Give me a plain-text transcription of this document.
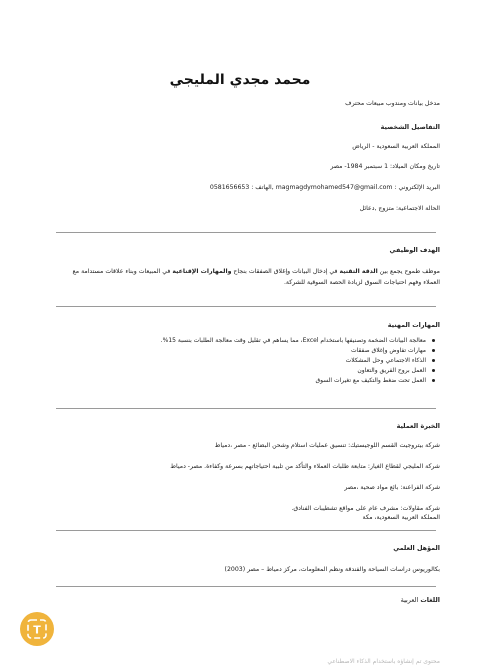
محمد مجدي المليجي
مدخل بيانات ومندوب مبيعات محترف
التفاصيل الشخصية
المملكة العربية السعودية - الرياض
تاريخ ومكان الميلاد: 1 سبتمبر 1984- مصر
البريد الإلكتروني : magmagdymohamed547@gmail.com ,الهاتف : 0581656653
الحالة الاجتماعية: متزوج ,دعائل
الهدف الوظيفي
موظف طموح يجمع بين الدقة التقنية في إدخال البيانات وإغلاق الصفقات بنجاح والمهارات الإقناعية في المبيعات وبناء علاقات مستدامة مع
العملاء وفهم احتياجات السوق لزيادة الحصة السوقية للشركة.
المهارات المهنية
معالجة البيانات الضخمة وتصنيفها باستخدام Excel، مما يساهم في تقليل وقت معالجة الطلبات بنسبة 15%.
مهارات تفاوض وإغلاق صفقات
الذكاء الاجتماعي وحل المشكلات
العمل بروح الفريق والتعاون
العمل تحت ضغط والتكيف مع تغيرات السوق
الخبرة العملية
شركة بيتروجيت القسم اللوجيستيك: تنسيق عمليات استلام وشحن البضائع - مصر ،دمياط
شركة المليجي لقطاع الغيار: متابعة طلبات العملاء والتأكد من تلبية احتياجاتهم بسرعة وكفاءة. مصر- دمياط
شركة الفراعنة: بائع مواد صحية ،مصر
شركة مقاولات: مشرف عام على مواقع تشطيبات الفنادق.
المملكة العربية السعودية، مكة
المؤهل العلمي
بكالوريوس دراسات السياحة والفندقة ونظم المعلومات، مركز دمياط – مصر (2003)
اللغات العربية
T
محتوى تم إنشاؤه باستخدام الذكاء الاصطناعي
